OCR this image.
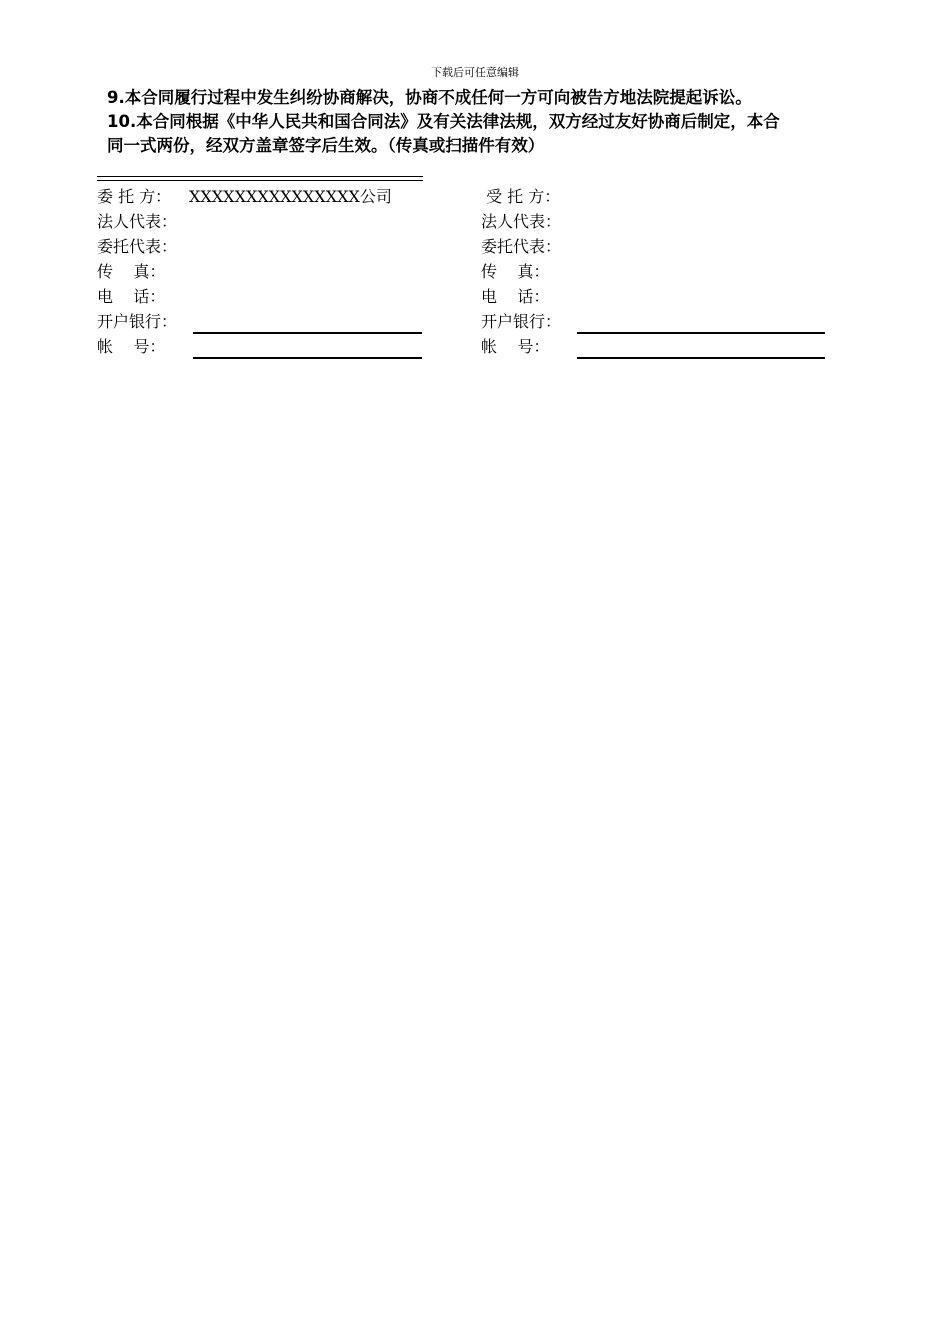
下载后可任意编辑

9.本合同履行过程中发生纠纷协商解决，协商不成任何一方可向被告方地法院提起诉讼。

10.本合同根据《中华人民共和国合同法》及有关法律法规，双方经过友好协商后制定，本合

同一式两份，经双方盖章签字后生效。（传真或扫描件有效）

委 托 方：	XXXXXXXXXXXXXXX公司
法人代表：
委托代表：
传    真：
电    话：
开户银行：
帐    号：
受 托 方：
法人代表：
委托代表：
传    真：
电    话：
开户银行：
帐    号：
